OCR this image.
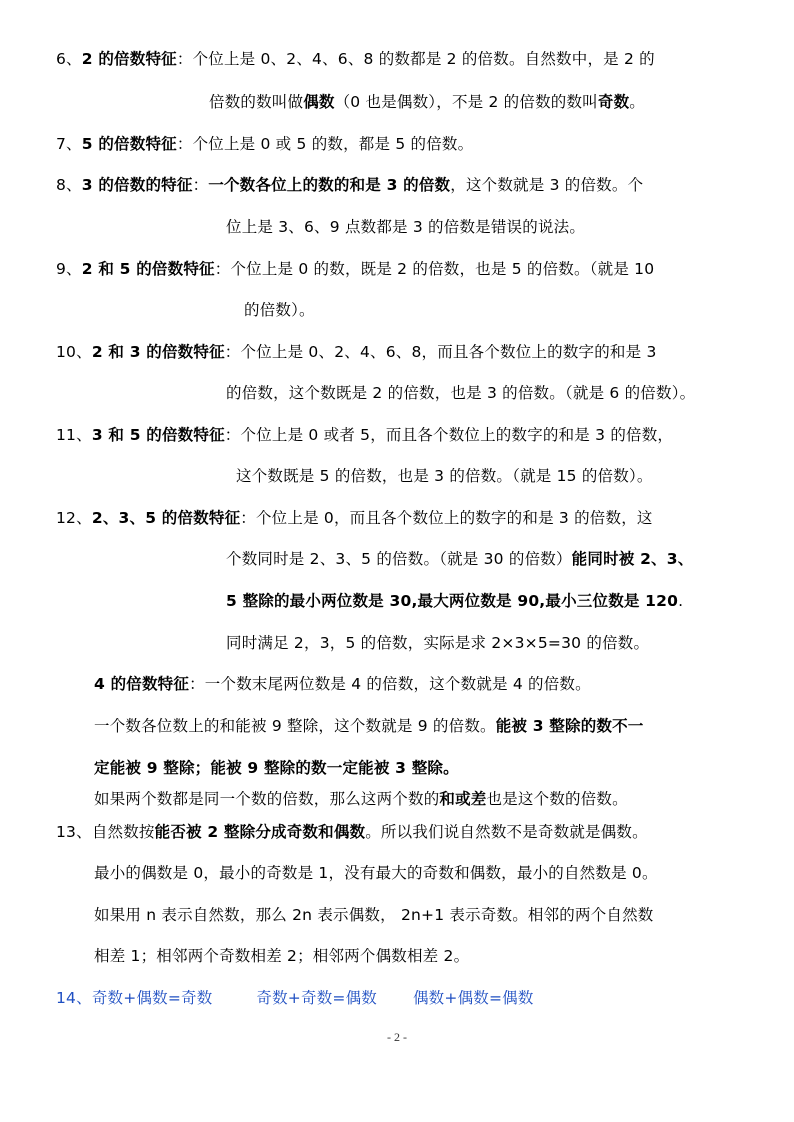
6、2 的倍数特征：个位上是 0、2、4、6、8 的数都是 2 的倍数。自然数中，是 2 的
倍数的数叫做偶数（0 也是偶数），不是 2 的倍数的数叫奇数。
7、5 的倍数特征：个位上是 0 或 5 的数，都是 5 的倍数。
8、3 的倍数的特征：一个数各位上的数的和是 3 的倍数，这个数就是 3 的倍数。个
位上是 3、6、9 点数都是 3 的倍数是错误的说法。
9、2 和 5 的倍数特征：个位上是 0 的数，既是 2 的倍数，也是 5 的倍数。（就是 10
的倍数）。
10、2 和 3 的倍数特征：个位上是 0、2、4、6、8，而且各个数位上的数字的和是 3
的倍数，这个数既是 2 的倍数，也是 3 的倍数。（就是 6 的倍数）。
11、3 和 5 的倍数特征：个位上是 0 或者 5，而且各个数位上的数字的和是 3 的倍数，
这个数既是 5 的倍数，也是 3 的倍数。（就是 15 的倍数）。
12、2、3、5 的倍数特征：个位上是 0，而且各个数位上的数字的和是 3 的倍数，这
个数同时是 2、3、5 的倍数。（就是 30 的倍数）能同时被 2、3、
5 整除的最小两位数是 30,最大两位数是 90,最小三位数是 120.
同时满足 2，3，5 的倍数，实际是求 2×3×5=30 的倍数。
4 的倍数特征：一个数末尾两位数是 4 的倍数，这个数就是 4 的倍数。
一个数各位数上的和能被 9 整除，这个数就是 9 的倍数。能被 3 整除的数不一
定能被 9 整除；能被 9 整除的数一定能被 3 整除。
如果两个数都是同一个数的倍数，那么这两个数的和或差也是这个数的倍数。
13、自然数按能否被 2 整除分成奇数和偶数。所以我们说自然数不是奇数就是偶数。
最小的偶数是 0，最小的奇数是 1，没有最大的奇数和偶数，最小的自然数是 0。
如果用 n 表示自然数，那么 2n 表示偶数， 2n+1 表示奇数。相邻的两个自然数
相差 1；相邻两个奇数相差 2；相邻两个偶数相差 2。
14、奇数+偶数=奇数	奇数+奇数=偶数 偶数+偶数=偶数
- 2 -
